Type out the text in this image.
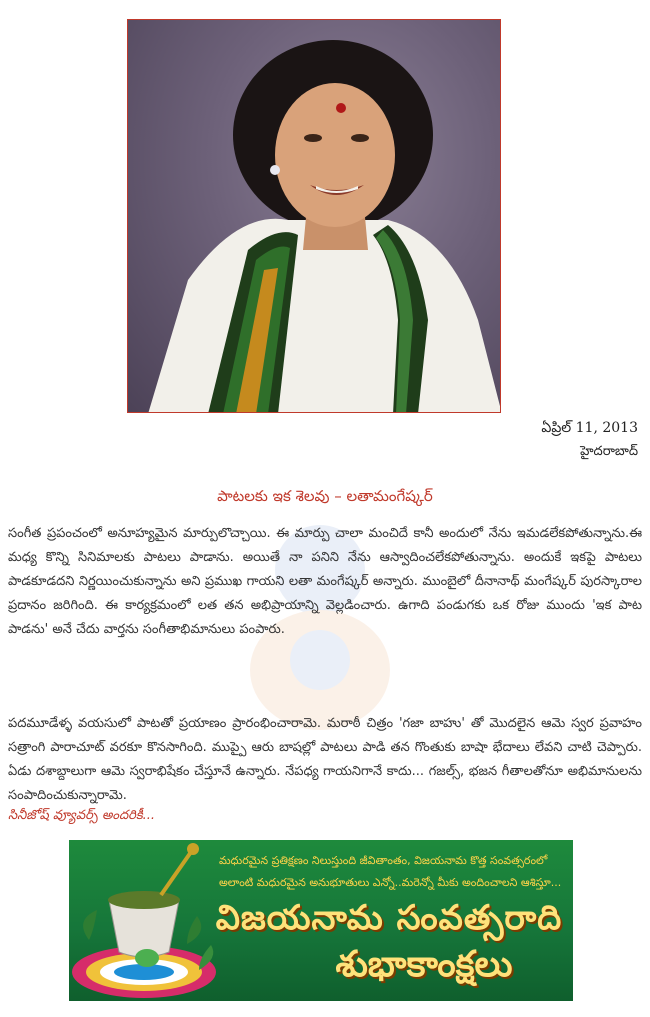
ఏప్రిల్ 11, 2013
హైదరాబాద్
పాటలకు ఇక శెలవు – లతామంగేష్కర్

సంగీత ప్రపంచంలో అనూహ్యమైన మార్పులొచ్చాయి. ఈ మార్పు చాలా మంచిదే కానీ అందులో నేను ఇమడలేకపోతున్నాను.ఈ మధ్య కొన్ని సినిమాలకు పాటలు పాడాను. అయితే నా పనిని నేను ఆస్వాదించలేకపోతున్నాను. అందుకే ఇకపై పాటలు పాడకూడదని నిర్ణయించుకున్నాను అని ప్రముఖ గాయని లతా మంగేష్కర్ అన్నారు. ముంబైలో దీనానాథ్ మంగేష్కర్ పురస్కారాల ప్రదానం జరిగింది. ఈ కార్యక్రమంలో లత తన అభిప్రాయాన్ని వెల్లడించారు. ఉగాది పండుగకు ఒక రోజు ముందు 'ఇక పాట పాడను' అనే చేదు వార్తను సంగీతాభిమానులు పంపారు.

పదమూడేళ్ళ వయసులో పాటతో ప్రయాణం ప్రారంభించారామె. మరాఠీ చిత్రం 'గజా బాహు' తో మొదలైన ఆమె స్వర ప్రవాహం సత్రాంగి పారాచూట్ వరకూ కొనసాగింది. ముప్పై ఆరు బాషల్లో పాటలు పాడి తన గొంతుకు బాషా భేదాలు లేవని చాటి చెప్పారు. ఏడు దశాబ్దాలుగా ఆమె స్వరాభిషేకం చేస్తూనే ఉన్నారు. నేపధ్య గాయనిగానే కాదు... గజల్స్, భజన గీతాలతోనూ అభిమానులను సంపాదించుకున్నారామె.

సినీజోష్ వ్యూవర్స్ అందరికీ...
మధురమైన ప్రతిక్షణం నిలుస్తుంది జీవితాంతం, విజయనామ కొత్త సంవత్సరంలో
అలాంటి మధురమైన అనుభూతులు ఎన్నో..మరెన్నో మీకు అందించాలని ఆశిస్తూ...
విజయనామ సంవత్సరాది
శుభాకాంక్షలు
